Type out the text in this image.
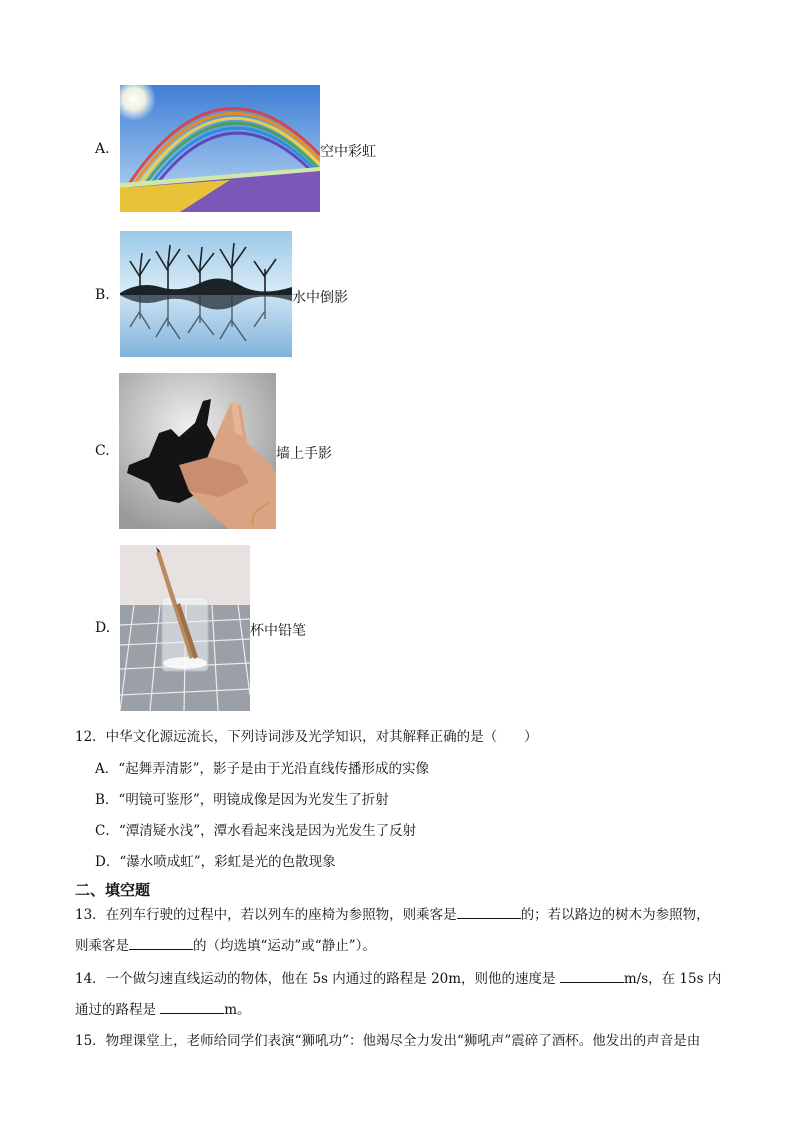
A.	空中彩虹
B.	水中倒影
C.	墙上手影
D.	杯中铅笔
12．中华文化源远流长，下列诗词涉及光学知识，对其解释正确的是（　　）
A．“起舞弄清影”，影子是由于光沿直线传播形成的实像
B．“明镜可鉴形”，明镜成像是因为光发生了折射
C．“潭清疑水浅”，潭水看起来浅是因为光发生了反射
D．“瀑水喷成虹”，彩虹是光的色散现象
二、填空题
13．在列车行驶的过程中，若以列车的座椅为参照物，则乘客是	的；若以路边的树木为参照物，
则乘客是	的（均选填“运动”或“静止”）。
14．一个做匀速直线运动的物体，他在 5s 内通过的路程是 20m，则他的速度是	m/s，在 15s 内
通过的路程是	m。
15．物理课堂上，老师给同学们表演“狮吼功”：他竭尽全力发出“狮吼声”震碎了酒杯。他发出的声音是由
